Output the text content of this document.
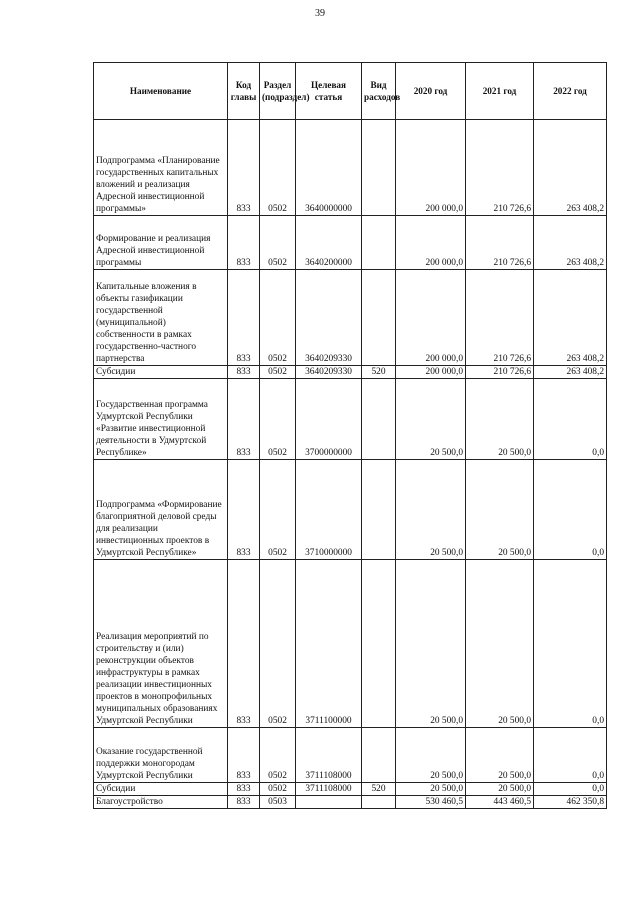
39
Наименование	Код главы	Раздел (подраздел)	Целевая статья	Вид расходов	2020 год	2021 год	2022 год
Подпрограмма «Планирование государственных капитальных вложений и реализация Адресной инвестиционной программы»	833	0502	3640000000		200 000,0	210 726,6	263 408,2
Формирование и реализация Адресной инвестиционной программы	833	0502	3640200000		200 000,0	210 726,6	263 408,2
Капитальные вложения в объекты газификации государственной (муниципальной) собственности в рамках государственно-частного партнерства	833	0502	3640209330		200 000,0	210 726,6	263 408,2
Субсидии	833	0502	3640209330	520	200 000,0	210 726,6	263 408,2
Государственная программа Удмуртской Республики «Развитие инвестиционной деятельности в Удмуртской Республике»	833	0502	3700000000		20 500,0	20 500,0	0,0
Подпрограмма «Формирование благоприятной деловой среды для реализации инвестиционных проектов в Удмуртской Республике»	833	0502	3710000000		20 500,0	20 500,0	0,0
Реализация мероприятий по строительству и (или) реконструкции объектов инфраструктуры в рамках реализации инвестиционных проектов в монопрофильных муниципальных образованиях Удмуртской Республики	833	0502	3711100000		20 500,0	20 500,0	0,0
Оказание государственной поддержки моногородам Удмуртской Республики	833	0502	3711108000		20 500,0	20 500,0	0,0
Субсидии	833	0502	3711108000	520	20 500,0	20 500,0	0,0
Благоустройство	833	0503			530 460,5	443 460,5	462 350,8
